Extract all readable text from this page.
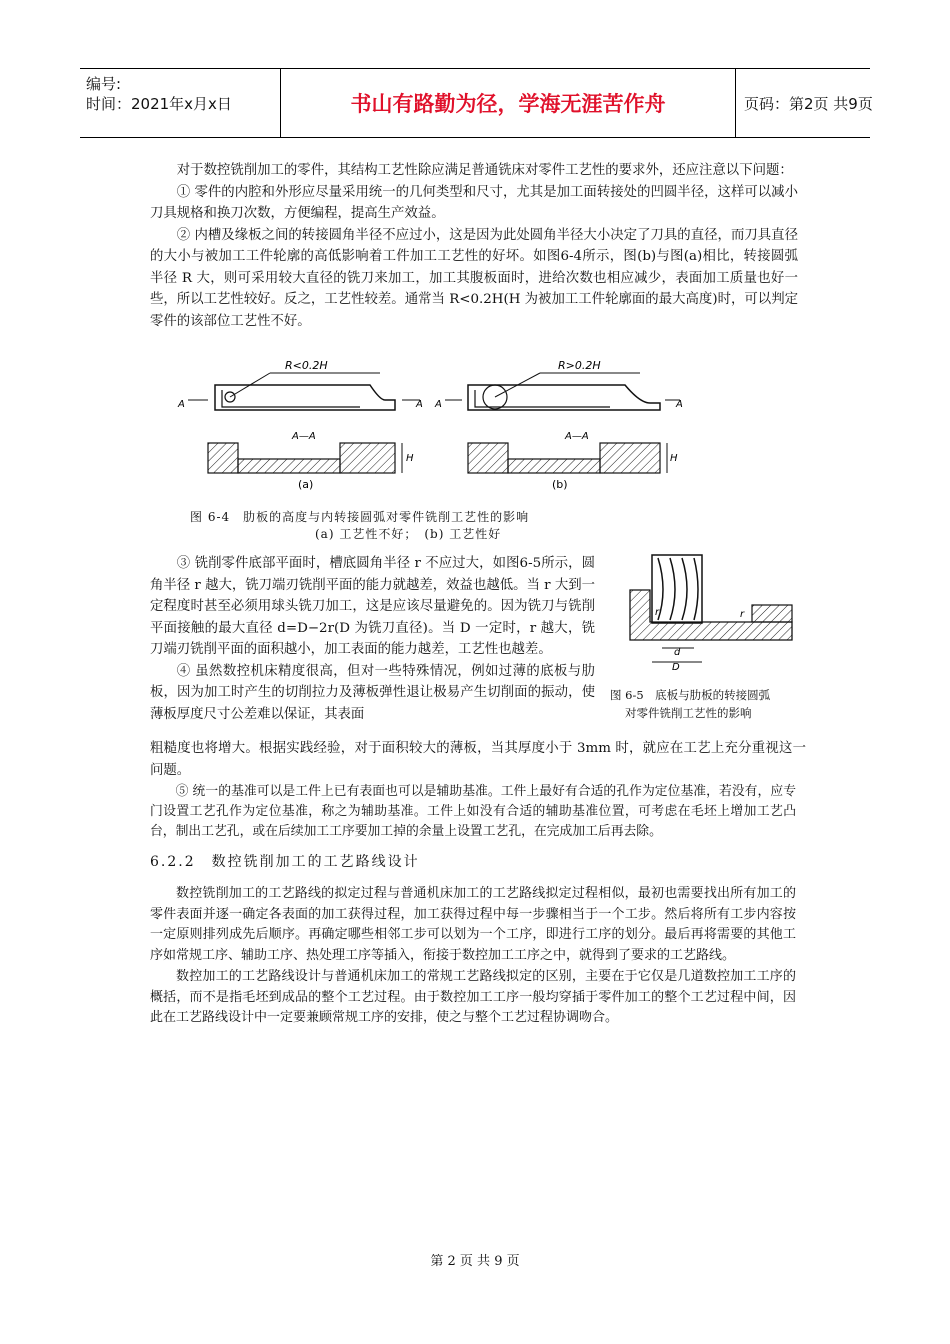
编号:
时间：2021年x月x日	书山有路勤为径，学海无涯苦作舟	页码：第2页 共9页

对于数控铣削加工的零件，其结构工艺性除应满足普通铣床对零件工艺性的要求外，还应注意以下问题：

① 零件的内腔和外形应尽量采用统一的几何类型和尺寸，尤其是加工面转接处的凹圆半径，这样可以减小刀具规格和换刀次数，方便编程，提高生产效益。

② 内槽及缘板之间的转接圆角半径不应过小，这是因为此处圆角半径大小决定了刀具的直径，而刀具直径的大小与被加工工件轮廓的高低影响着工件加工工艺性的好坏。如图6-4所示，图(b)与图(a)相比，转接圆弧半径 R 大，则可采用较大直径的铣刀来加工，加工其腹板面时，进给次数也相应减少，表面加工质量也好一些，所以工艺性较好。反之，工艺性较差。通常当 R<0.2H(H 为被加工工件轮廓面的最大高度)时，可以判定零件的该部位工艺性不好。

R<0.2H
A	A
A—A
H
(a)
R>0.2H
A	A
A—A
H
(b)
图 6-4　肋板的高度与内转接圆弧对零件铣削工艺性的影响
(a) 工艺性不好；　(b) 工艺性好

③ 铣削零件底部平面时，槽底圆角半径 r 不应过大，如图6-5所示，圆角半径 r 越大，铣刀端刃铣削平面的能力就越差，效益也越低。当 r 大到一定程度时甚至必须用球头铣刀加工，这是应该尽量避免的。因为铣刀与铣削平面接触的最大直径 d=D−2r(D 为铣刀直径)。当 D 一定时，r 越大，铣刀端刃铣削平面的面积越小，加工表面的能力越差，工艺性也越差。

④ 虽然数控机床精度很高，但对一些特殊情况，例如过薄的底板与肋板，因为加工时产生的切削拉力及薄板弹性退让极易产生切削面的振动，使薄板厚度尺寸公差难以保证，其表面

r	r
d
D
图 6-5　底板与肋板的转接圆弧
对零件铣削工艺性的影响

粗糙度也将增大。根据实践经验，对于面积较大的薄板，当其厚度小于 3mm 时，就应在工艺上充分重视这一问题。

⑤ 统一的基准可以是工件上已有表面也可以是辅助基准。工件上最好有合适的孔作为定位基准，若没有，应专门设置工艺孔作为定位基准，称之为辅助基准。工件上如没有合适的辅助基准位置，可考虑在毛坯上增加工艺凸台，制出工艺孔，或在后续加工工序要加工掉的余量上设置工艺孔，在完成加工后再去除。

6.2.2　数控铣削加工的工艺路线设计

数控铣削加工的工艺路线的拟定过程与普通机床加工的工艺路线拟定过程相似，最初也需要找出所有加工的零件表面并逐一确定各表面的加工获得过程，加工获得过程中每一步骤相当于一个工步。然后将所有工步内容按一定原则排列成先后顺序。再确定哪些相邻工步可以划为一个工序，即进行工序的划分。最后再将需要的其他工序如常规工序、辅助工序、热处理工序等插入，衔接于数控加工工序之中，就得到了要求的工艺路线。

数控加工的工艺路线设计与普通机床加工的常规工艺路线拟定的区别，主要在于它仅是几道数控加工工序的概括，而不是指毛坯到成品的整个工艺过程。由于数控加工工序一般均穿插于零件加工的整个工艺过程中间，因此在工艺路线设计中一定要兼顾常规工序的安排，使之与整个工艺过程协调吻合。

第 2 页 共 9 页
